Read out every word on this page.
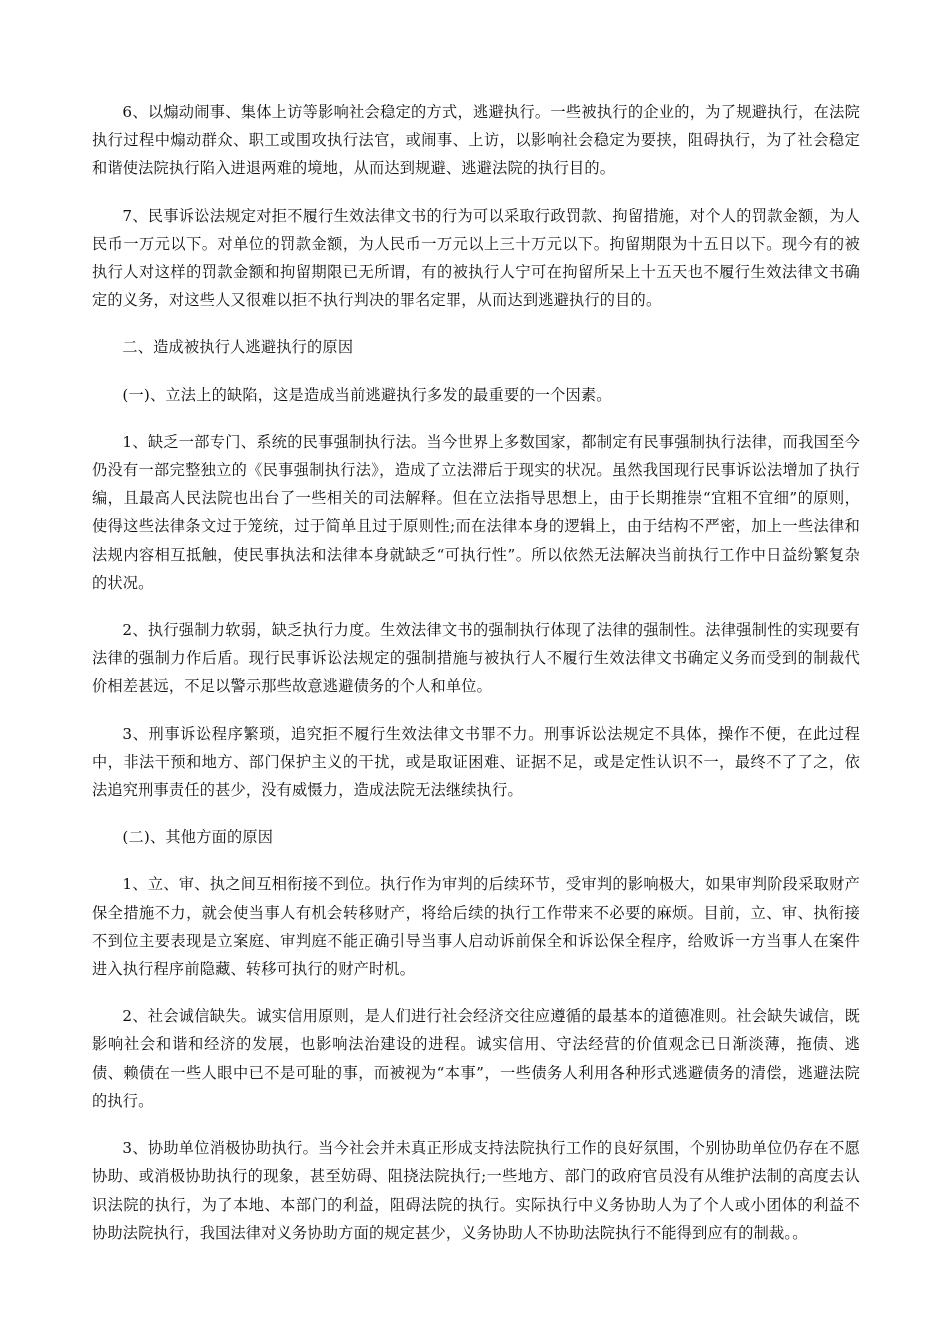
6、以煽动闹事、集体上访等影响社会稳定的方式，逃避执行。一些被执行的企业的，为了规避执行，在法院执行过程中煽动群众、职工或围攻执行法官，或闹事、上访，以影响社会稳定为要挟，阻碍执行，为了社会稳定和谐使法院执行陷入进退两难的境地，从而达到规避、逃避法院的执行目的。

7、民事诉讼法规定对拒不履行生效法律文书的行为可以采取行政罚款、拘留措施，对个人的罚款金额，为人民币一万元以下。对单位的罚款金额，为人民币一万元以上三十万元以下。拘留期限为十五日以下。现今有的被执行人对这样的罚款金额和拘留期限已无所谓，有的被执行人宁可在拘留所呆上十五天也不履行生效法律文书确定的义务，对这些人又很难以拒不执行判决的罪名定罪，从而达到逃避执行的目的。

二、造成被执行人逃避执行的原因

(一)、立法上的缺陷，这是造成当前逃避执行多发的最重要的一个因素。

1、缺乏一部专门、系统的民事强制执行法。当今世界上多数国家，都制定有民事强制执行法律，而我国至今仍没有一部完整独立的《民事强制执行法》，造成了立法滞后于现实的状况。虽然我国现行民事诉讼法增加了执行编，且最高人民法院也出台了一些相关的司法解释。但在立法指导思想上，由于长期推崇“宜粗不宜细”的原则，使得这些法律条文过于笼统，过于简单且过于原则性;而在法律本身的逻辑上，由于结构不严密，加上一些法律和法规内容相互抵触，使民事执法和法律本身就缺乏“可执行性”。所以依然无法解决当前执行工作中日益纷繁复杂的状况。

2、执行强制力软弱，缺乏执行力度。生效法律文书的强制执行体现了法律的强制性。法律强制性的实现要有法律的强制力作后盾。现行民事诉讼法规定的强制措施与被执行人不履行生效法律文书确定义务而受到的制裁代价相差甚远，不足以警示那些故意逃避债务的个人和单位。

3、刑事诉讼程序繁琐，追究拒不履行生效法律文书罪不力。刑事诉讼法规定不具体，操作不便，在此过程中，非法干预和地方、部门保护主义的干扰，或是取证困难、证据不足，或是定性认识不一，最终不了了之，依法追究刑事责任的甚少，没有威慑力，造成法院无法继续执行。

(二)、其他方面的原因

1、立、审、执之间互相衔接不到位。执行作为审判的后续环节，受审判的影响极大，如果审判阶段采取财产保全措施不力，就会使当事人有机会转移财产，将给后续的执行工作带来不必要的麻烦。目前，立、审、执衔接不到位主要表现是立案庭、审判庭不能正确引导当事人启动诉前保全和诉讼保全程序，给败诉一方当事人在案件进入执行程序前隐藏、转移可执行的财产时机。

2、社会诚信缺失。诚实信用原则，是人们进行社会经济交往应遵循的最基本的道德准则。社会缺失诚信，既影响社会和谐和经济的发展，也影响法治建设的进程。诚实信用、守法经营的价值观念已日渐淡薄，拖债、逃债、赖债在一些人眼中已不是可耻的事，而被视为“本事”，一些债务人利用各种形式逃避债务的清偿，逃避法院的执行。

3、协助单位消极协助执行。当今社会并未真正形成支持法院执行工作的良好氛围，个别协助单位仍存在不愿协助、或消极协助执行的现象，甚至妨碍、阻挠法院执行;一些地方、部门的政府官员没有从维护法制的高度去认识法院的执行，为了本地、本部门的利益，阻碍法院的执行。实际执行中义务协助人为了个人或小团体的利益不协助法院执行，我国法律对义务协助方面的规定甚少，义务协助人不协助法院执行不能得到应有的制裁。。
